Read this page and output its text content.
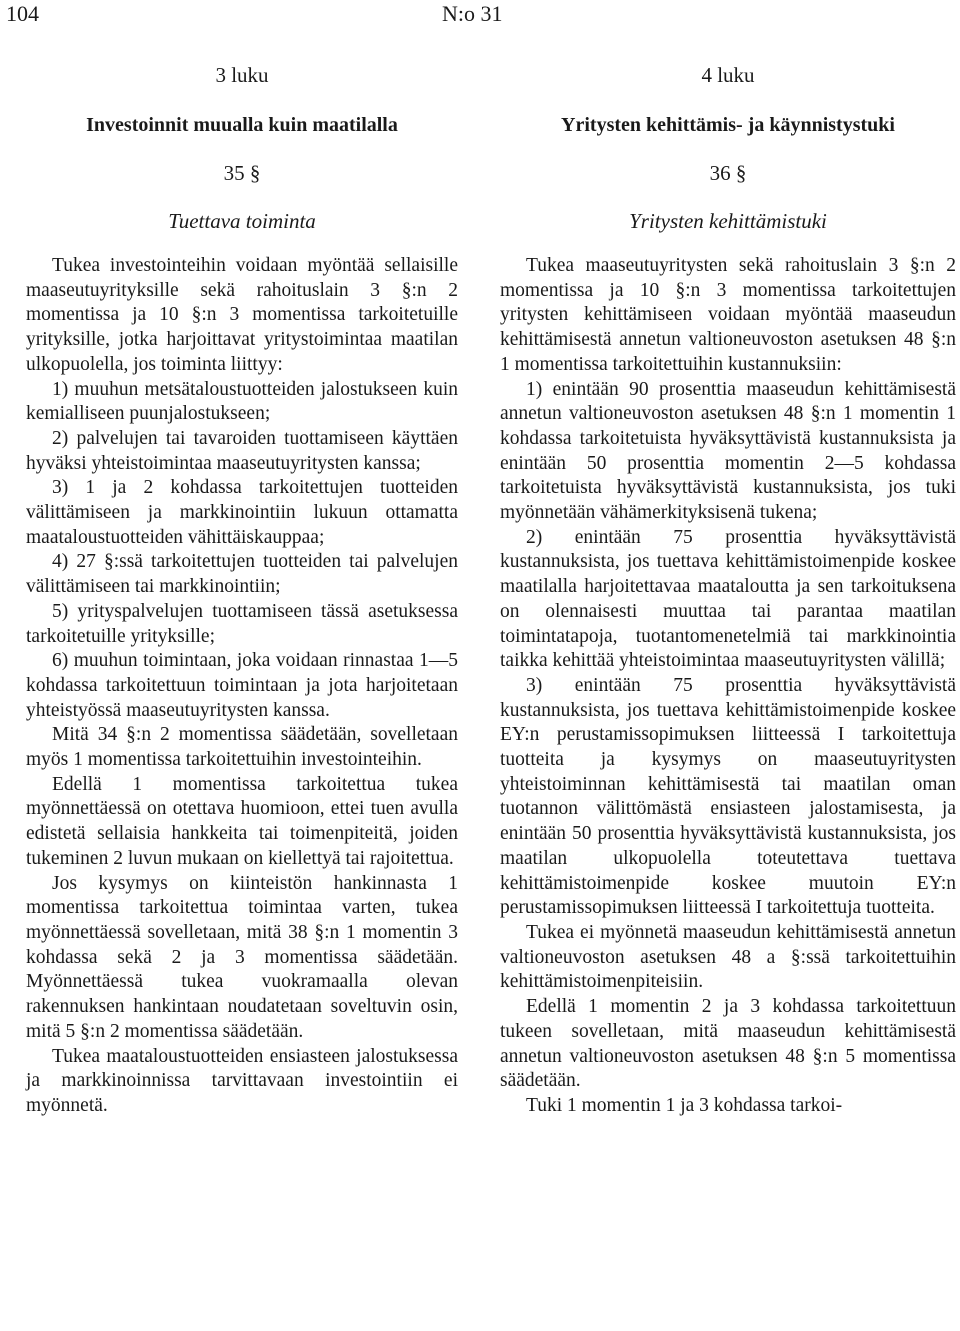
104	N:o 31

3 luku

Investoinnit muualla kuin maatilalla

35 §

Tuettava toiminta

Tukea investointeihin voidaan myöntää sellaisille maaseutuyrityksille sekä rahoituslain 3 §:n 2 momentissa ja 10 §:n 3 momentissa tarkoitetuille yrityksille, jotka harjoittavat yritystoimintaa maatilan ulkopuolella, jos toiminta liittyy:

1) muuhun metsätaloustuotteiden jalostukseen kuin kemialliseen puunjalostukseen;

2) palvelujen tai tavaroiden tuottamiseen käyttäen hyväksi yhteistoimintaa maaseutuyritysten kanssa;

3) 1 ja 2 kohdassa tarkoitettujen tuotteiden välittämiseen ja markkinointiin lukuun ottamatta maataloustuotteiden vähittäiskauppaa;

4) 27 §:ssä tarkoitettujen tuotteiden tai palvelujen välittämiseen tai markkinointiin;

5) yrityspalvelujen tuottamiseen tässä asetuksessa tarkoitetuille yrityksille;

6) muuhun toimintaan, joka voidaan rinnastaa 1—5 kohdassa tarkoitettuun toimintaan ja jota harjoitetaan yhteistyössä maaseutuyritysten kanssa.

Mitä 34 §:n 2 momentissa säädetään, sovelletaan myös 1 momentissa tarkoitettuihin investointeihin.

Edellä 1 momentissa tarkoitettua tukea myönnettäessä on otettava huomioon, ettei tuen avulla edistetä sellaisia hankkeita tai toimenpiteitä, joiden tukeminen 2 luvun mukaan on kiellettyä tai rajoitettua.

Jos kysymys on kiinteistön hankinnasta 1 momentissa tarkoitettua toimintaa varten, tukea myönnettäessä sovelletaan, mitä 38 §:n 1 momentin 3 kohdassa sekä 2 ja 3 momentissa säädetään. Myönnettäessä tukea vuokramaalla olevan rakennuksen hankintaan noudatetaan soveltuvin osin, mitä 5 §:n 2 momentissa säädetään.

Tukea maataloustuotteiden ensiasteen jalostuksessa ja markkinoinnissa tarvittavaan investointiin ei myönnetä.

4 luku

Yritysten kehittämis- ja käynnistystuki

36 §

Yritysten kehittämistuki

Tukea maaseutuyritysten sekä rahoituslain 3 §:n 2 momentissa ja 10 §:n 3 momentissa tarkoitettujen yritysten kehittämiseen voidaan myöntää maaseudun kehittämisestä annetun valtioneuvoston asetuksen 48 §:n 1 momentissa tarkoitettuihin kustannuksiin:

1) enintään 90 prosenttia maaseudun kehittämisestä annetun valtioneuvoston asetuksen 48 §:n 1 momentin 1 kohdassa tarkoitetuista hyväksyttävistä kustannuksista ja enintään 50 prosenttia momentin 2—5 kohdassa tarkoitetuista hyväksyttävistä kustannuksista, jos tuki myönnetään vähämerkityksisenä tukena;

2) enintään 75 prosenttia hyväksyttävistä kustannuksista, jos tuettava kehittämistoimenpide koskee maatilalla harjoitettavaa maataloutta ja sen tarkoituksena on olennaisesti muuttaa tai parantaa maatilan toimintatapoja, tuotantomenetelmiä tai markkinointia taikka kehittää yhteistoimintaa maaseutuyritysten välillä;

3) enintään 75 prosenttia hyväksyttävistä kustannuksista, jos tuettava kehittämistoimenpide koskee EY:n perustamissopimuksen liitteessä I tarkoitettuja tuotteita ja kysymys on maaseutuyritysten yhteistoiminnan kehittämisestä tai maatilan oman tuotannon välittömästä ensiasteen jalostamisesta, ja enintään 50 prosenttia hyväksyttävistä kustannuksista, jos maatilan ulkopuolella toteutettava tuettava kehittämistoimenpide koskee muutoin EY:n perustamissopimuksen liitteessä I tarkoitettuja tuotteita.

Tukea ei myönnetä maaseudun kehittämisestä annetun valtioneuvoston asetuksen 48 a §:ssä tarkoitettuihin kehittämistoimenpiteisiin.

Edellä 1 momentin 2 ja 3 kohdassa tarkoitettuun tukeen sovelletaan, mitä maaseudun kehittämisestä annetun valtioneuvoston asetuksen 48 §:n 5 momentissa säädetään.

Tuki 1 momentin 1 ja 3 kohdassa tarkoi-
